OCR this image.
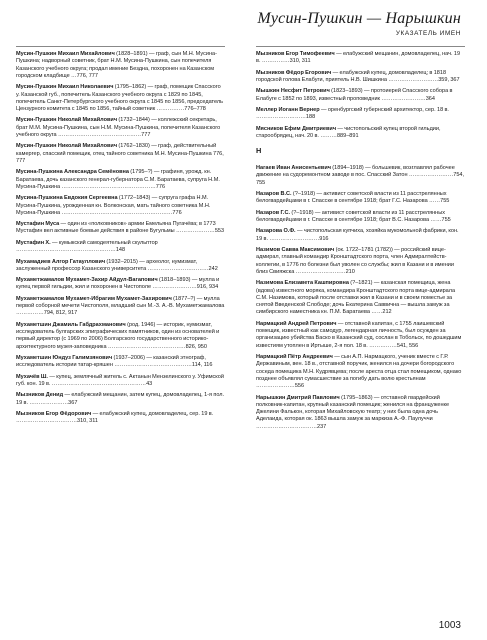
Мусин-Пушкин — Нарышкин
УКАЗАТЕЛЬ ИМЕН

Мусин-Пушкин Михаил Михайлович (1828–1891) — граф, сын М.Н. Мусина-Пушкина; надворный советник, брат Н.М. Мусина-Пушкина, сын попечителя Казанского учебного округа; продал имение Бездна, похоронен на Казанском городском кладбище …776, 777

Мусин-Пушкин Михаил Николаевич (1795–1862) — граф, помещик Спасского у. Казанской губ., попечитель Казанского учебного округа с 1829 по 1845, попечитель Санкт-Петербургского учебного округа с 1845 по 1856, председатель Цензурного комитета с 1845 по 1856, тайный советник ……………776–778

Мусин-Пушкин Николай Михайлович (1732–1844) — коллежский секретарь, брат М.М. Мусина-Пушкина, сын Н.М. Мусина-Пушкина, попечителя Казанского учебного округа ………………………………………777

Мусин-Пушкин Николай Михайлович (1762–1830) — граф, действительный камергер, спасский помещик, отец тайного советника М.Н. Мусина-Пушкина 776, 777

Мусина-Пушкина Александра Семёновна (1795–?) — графиня, урожд. кн. Баратаева, дочь казанского генерал-губернатора С.М. Баратаева, супруга Н.М. Мусина-Пушкина ……………………………………………776

Мусина-Пушкина Евдокия Сергеевна (1772–1843) — супруга графа Н.М. Мусина-Пушкина, урожденная кн. Волконская, мать тайного советника М.Н. Мусина-Пушкина ……………………………………………………776

Мустафин Муса — один из «полковников» армии Емельяна Пугачёва; в 1773 Мустафин вел активные боевые действия в районе Бугульмы …………………553

Мустафин Х. — кумыкский самодеятельный скульптор ………………………………………………148

Мухамадиев Алгор Гатауллович (1932–2015) — археолог, нумизмат, заслуженный профессор Казанского университета ……………………………242

Мухаметжамалов Мухамет-Захир Айдул-Вагапович (1818–1893) — мулла и купец первой гильдии, жил и похоронен в Чистополе ……………………916, 934

Мухаметжамалов Мухамет-Ибрагим Мухамет-Захирович (1877–?) — мулла первой соборной мечети Чистополя, младший сын М.-З. А.-В. Мухаметжамалова ……………794, 812, 917

Мухаметшин Джамиль Габдрахманович (род. 1946) — историк, нумизмат, исследователь булгарских эпиграфических памятников, один из основателей и первый директор (с 1969 по 2006) Болгарского государственного историко-архитектурного музея-заповедника ……………………………………826, 950

Мухаметшин Юндуз Галимзянович (1937–2006) — казанский этнограф, исследователь истории татар-кряшен ……………………………………114, 116

Мухачёв Ш. — купец, землячный житель с. Актанын Мензелинского у. Уфимской губ. кон. 19 в. ……………………………………………43

Мызников Денид — елабужский мещанин, затем купец, домовладелец, 1-я пол. 19 в. …………………367

Мызников Егор Фёдорович — елабужский купец, домовладелец, сер. 19 в. ……………………………310, 311

Мызников Егор Тимофеевич — елабужский мещанин, домовладелец, нач. 19 в. ……………310, 311

Мызников Фёдор Егорович — елабужский купец, домовладелец; в 1818 городской голова Елабуги, приятель Н.В. Шишкина ………………………359, 367

Мышкин Несфит Петрович (1823–1893) — протоиерей Спасского собора в Елабуге с 1852 по 1893, известный проповедник ……………………364

Меллер Иоганн Вернер — оренбургский губернский архитектор, сер. 18 в. ………………………188

Мясников Ефим Дмитриевич — чистопольский купец второй гильдии, старообрядец, нач. 20 в. ………889–891

Н

Нагаев Иван Анисентьевич (1894–1918) — большевик, возглавлял рабочее движение на судоремонтном заводе в пос. Спасский Затон ……………………754, 755

Назаров В.С. (?–1918) — активист советской власти из 11 расстрелянных белогвардейцами в г. Спасске в сентябре 1918; брат Г.С. Назарова ……755

Назаров Г.С. (?–1918) — активист советской власти из 11 расстрелянных белогвардейцами в г. Спасске в сентябре 1918; брат В.С. Назарова ……755

Назарова О.Ф. — чистопольская купчиха, хозяйка мукомольной фабрики, кон. 19 в. ………………………916

Назимов Савва Максимович (ок. 1722–1781 (1782)) — российский вице-адмирал, главный командир Кронштадтского порта, член Адмиралтейств-коллегии, в 1776 по болезни был уволен со службы; жил в Казани и в имении близ Свияжска ………………………210

Назимова Елизавета Кашпировна (?–1821) — казанская помещица, жена (вдова) известного моряка, командира Кронштадтского порта вице-адмирала С.М. Назимова, который после отставки жил в Казани и в своем поместье за снятой Введенской Слободе; дочь Екатерина Саввична — вышла замуж за симбирского наместника кн. П.М. Баратаева ……212

Нармацкий Андрей Петрович — отставной капитан, с 1755 лаишевский помещик, известный как самодур, легендарная личность, был осужден за организацию убийства Васко в Казанский суд, сослан в Тобольск, по дошедшим известиям утоплен в Иртыше, 2-я пол. 18 в. ……………541, 556

Нармацкий Пётр Андреевич — сын А.П. Нармацкого, ученик вместе с Г.Р. Державиным, вен. 18 в., отставной поручик, женился на дочери богородского соседа помещика М.Н. Кудрявцева; после ареста отца стал помещиком, однако позднее объявлял сумасшествие за погибу дать волю крестьянам …………………556

Нарышкин Дмитрий Павлович (1795–1863) — отставной гвардейский полковник-капитан, крупный казанский помещик; женился на француженке Джелини Фалькон, которая Михайловскую театр; у них была одна дочь Аделаида, которая ок. 1863 вышла замуж за маркиза А.-Ф. Паулуччи ……………………………237

1003
